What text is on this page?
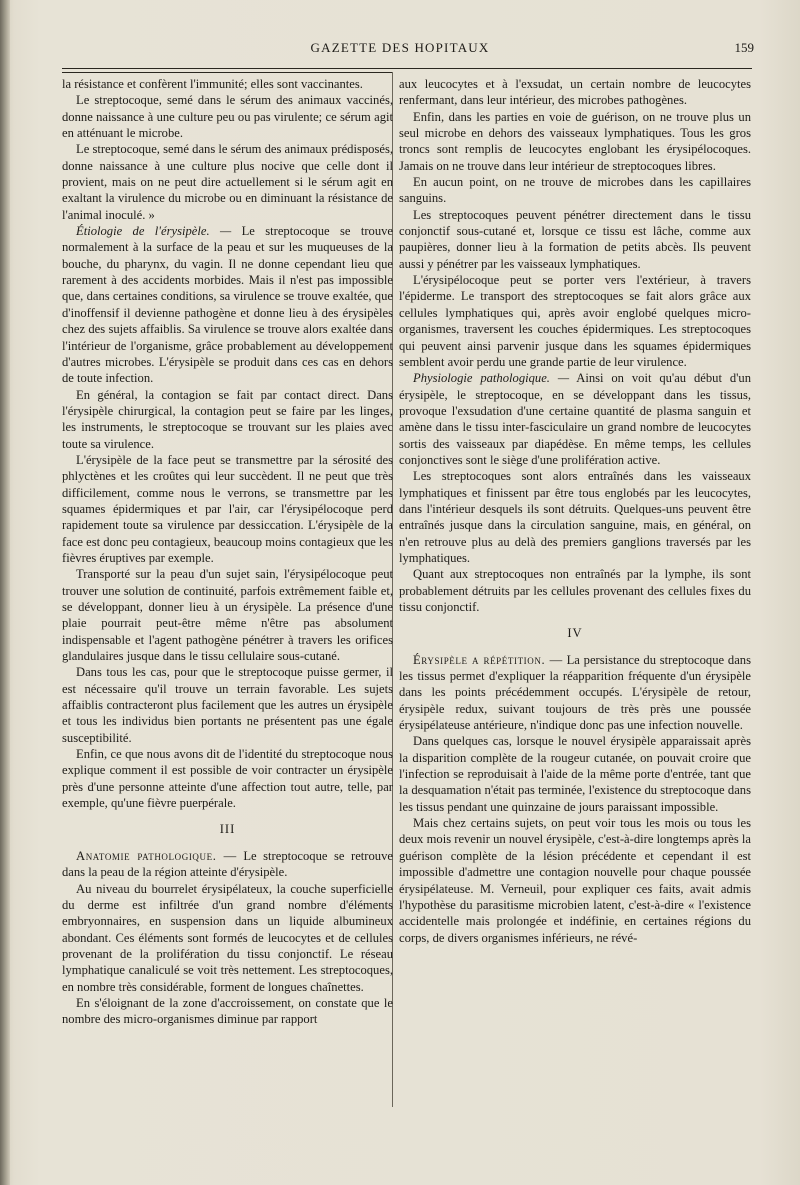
GAZETTE DES HOPITAUX	159

la résistance et confèrent l'immunité; elles sont vaccinantes.

Le streptocoque, semé dans le sérum des animaux vaccinés, donne naissance à une culture peu ou pas virulente; ce sérum agit en atténuant le microbe.

Le streptocoque, semé dans le sérum des animaux prédisposés, donne naissance à une culture plus nocive que celle dont il provient, mais on ne peut dire actuellement si le sérum agit en exaltant la virulence du microbe ou en diminuant la résistance de l'animal inoculé. »

Étiologie de l'érysipèle. — Le streptocoque se trouve normalement à la surface de la peau et sur les muqueuses de la bouche, du pharynx, du vagin. Il ne donne cependant lieu que rarement à des accidents morbides. Mais il n'est pas impossible que, dans certaines conditions, sa virulence se trouve exaltée, que d'inoffensif il devienne pathogène et donne lieu à des érysipèles chez des sujets affaiblis. Sa virulence se trouve alors exaltée dans l'intérieur de l'organisme, grâce probablement au développement d'autres microbes. L'érysipèle se produit dans ces cas en dehors de toute infection.

En général, la contagion se fait par contact direct. Dans l'érysipèle chirurgical, la contagion peut se faire par les linges, les instruments, le streptocoque se trouvant sur les plaies avec toute sa virulence.

L'érysipèle de la face peut se transmettre par la sérosité des phlyctènes et les croûtes qui leur succèdent. Il ne peut que très difficilement, comme nous le verrons, se transmettre par les squames épidermiques et par l'air, car l'érysipélocoque perd rapidement toute sa virulence par dessiccation. L'érysipèle de la face est donc peu contagieux, beaucoup moins contagieux que les fièvres éruptives par exemple.

Transporté sur la peau d'un sujet sain, l'érysipélocoque peut trouver une solution de continuité, parfois extrêmement faible et, se développant, donner lieu à un érysipèle. La présence d'une plaie pourrait peut-être même n'être pas absolument indispensable et l'agent pathogène pénétrer à travers les orifices glandulaires jusque dans le tissu cellulaire sous-cutané.

Dans tous les cas, pour que le streptocoque puisse germer, il est nécessaire qu'il trouve un terrain favorable. Les sujets affaiblis contracteront plus facilement que les autres un érysipèle et tous les individus bien portants ne présentent pas une égale susceptibilité.

Enfin, ce que nous avons dit de l'identité du streptocoque nous explique comment il est possible de voir contracter un érysipèle près d'une personne atteinte d'une affection tout autre, telle, par exemple, qu'une fièvre puerpérale.

III

Anatomie pathologique. — Le streptocoque se retrouve dans la peau de la région atteinte d'érysipèle.

Au niveau du bourrelet érysipélateux, la couche superficielle du derme est infiltrée d'un grand nombre d'éléments embryonnaires, en suspension dans un liquide albumineux abondant. Ces éléments sont formés de leucocytes et de cellules provenant de la prolifération du tissu conjonctif. Le réseau lymphatique canaliculé se voit très nettement. Les streptocoques, en nombre très considérable, forment de longues chaînettes.

En s'éloignant de la zone d'accroissement, on constate que le nombre des micro-organismes diminue par rapport

aux leucocytes et à l'exsudat, un certain nombre de leucocytes renfermant, dans leur intérieur, des microbes pathogènes.

Enfin, dans les parties en voie de guérison, on ne trouve plus un seul microbe en dehors des vaisseaux lymphatiques. Tous les gros troncs sont remplis de leucocytes englobant les érysipélocoques. Jamais on ne trouve dans leur intérieur de streptocoques libres.

En aucun point, on ne trouve de microbes dans les capillaires sanguins.

Les streptocoques peuvent pénétrer directement dans le tissu conjonctif sous-cutané et, lorsque ce tissu est lâche, comme aux paupières, donner lieu à la formation de petits abcès. Ils peuvent aussi y pénétrer par les vaisseaux lymphatiques.

L'érysipélocoque peut se porter vers l'extérieur, à travers l'épiderme. Le transport des streptocoques se fait alors grâce aux cellules lymphatiques qui, après avoir englobé quelques micro-organismes, traversent les couches épidermiques. Les streptocoques qui peuvent ainsi parvenir jusque dans les squames épidermiques semblent avoir perdu une grande partie de leur virulence.

Physiologie pathologique. — Ainsi on voit qu'au début d'un érysipèle, le streptocoque, en se développant dans les tissus, provoque l'exsudation d'une certaine quantité de plasma sanguin et amène dans le tissu inter-fasciculaire un grand nombre de leucocytes sortis des vaisseaux par diapédèse. En même temps, les cellules conjonctives sont le siège d'une prolifération active.

Les streptocoques sont alors entraînés dans les vaisseaux lymphatiques et finissent par être tous englobés par les leucocytes, dans l'intérieur desquels ils sont détruits. Quelques-uns peuvent être entraînés jusque dans la circulation sanguine, mais, en général, on n'en retrouve plus au delà des premiers ganglions traversés par les lymphatiques.

Quant aux streptocoques non entraînés par la lymphe, ils sont probablement détruits par les cellules provenant des cellules fixes du tissu conjonctif.

IV

Érysipèle a répétition. — La persistance du streptocoque dans les tissus permet d'expliquer la réapparition fréquente d'un érysipèle dans les points précédemment occupés. L'érysipèle de retour, érysipèle redux, suivant toujours de très près une poussée érysipélateuse antérieure, n'indique donc pas une infection nouvelle.

Dans quelques cas, lorsque le nouvel érysipèle apparaissait après la disparition complète de la rougeur cutanée, on pouvait croire que l'infection se reproduisait à l'aide de la même porte d'entrée, tant que la desquamation n'était pas terminée, l'existence du streptocoque dans les tissus pendant une quinzaine de jours paraissant impossible.

Mais chez certains sujets, on peut voir tous les mois ou tous les deux mois revenir un nouvel érysipèle, c'est-à-dire longtemps après la guérison complète de la lésion précédente et cependant il est impossible d'admettre une contagion nouvelle pour chaque poussée érysipélateuse. M. Verneuil, pour expliquer ces faits, avait admis l'hypothèse du parasitisme microbien latent, c'est-à-dire « l'existence accidentelle mais prolongée et indéfinie, en certaines régions du corps, de divers organismes inférieurs, ne révé-
